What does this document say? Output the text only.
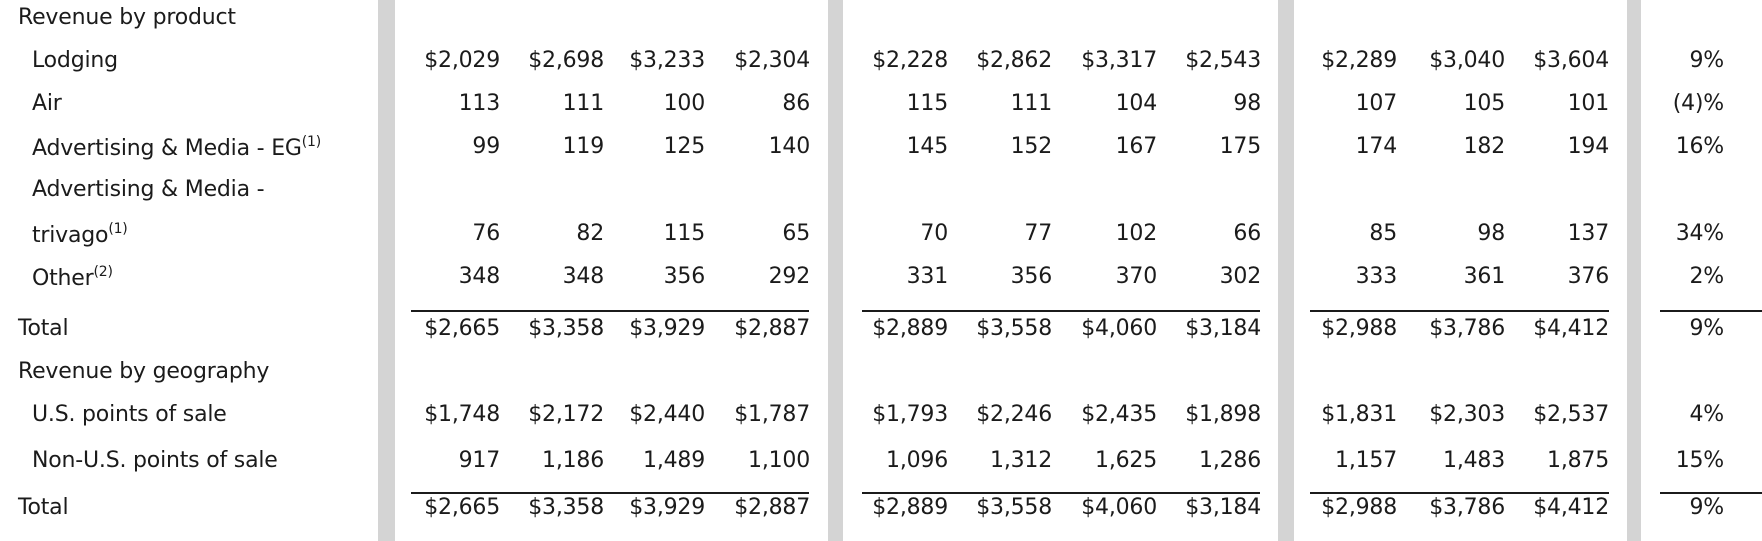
Revenue by product
Lodging	$2,029	$2,698	$3,233	$2,304	$2,228	$2,862	$3,317	$2,543	$2,289	$3,040	$3,604	9%
Air	113	111	100	86	115	111	104	98	107	105	101	(4)%
Advertising & Media - EG$^{(1)}$	99	119	125	140	145	152	167	175	174	182	194	16%
Advertising & Media -
trivago$^{(1)}$	76	82	115	65	70	77	102	66	85	98	137	34%
Other$^{(2)}$	348	348	356	292	331	356	370	302	333	361	376	2%
Total	$2,665	$3,358	$3,929	$2,887	$2,889	$3,558	$4,060	$3,184	$2,988	$3,786	$4,412	9%
Revenue by geography
U.S. points of sale	$1,748	$2,172	$2,440	$1,787	$1,793	$2,246	$2,435	$1,898	$1,831	$2,303	$2,537	4%
Non-U.S. points of sale	917	1,186	1,489	1,100	1,096	1,312	1,625	1,286	1,157	1,483	1,875	15%
Total	$2,665	$3,358	$3,929	$2,887	$2,889	$3,558	$4,060	$3,184	$2,988	$3,786	$4,412	9%
